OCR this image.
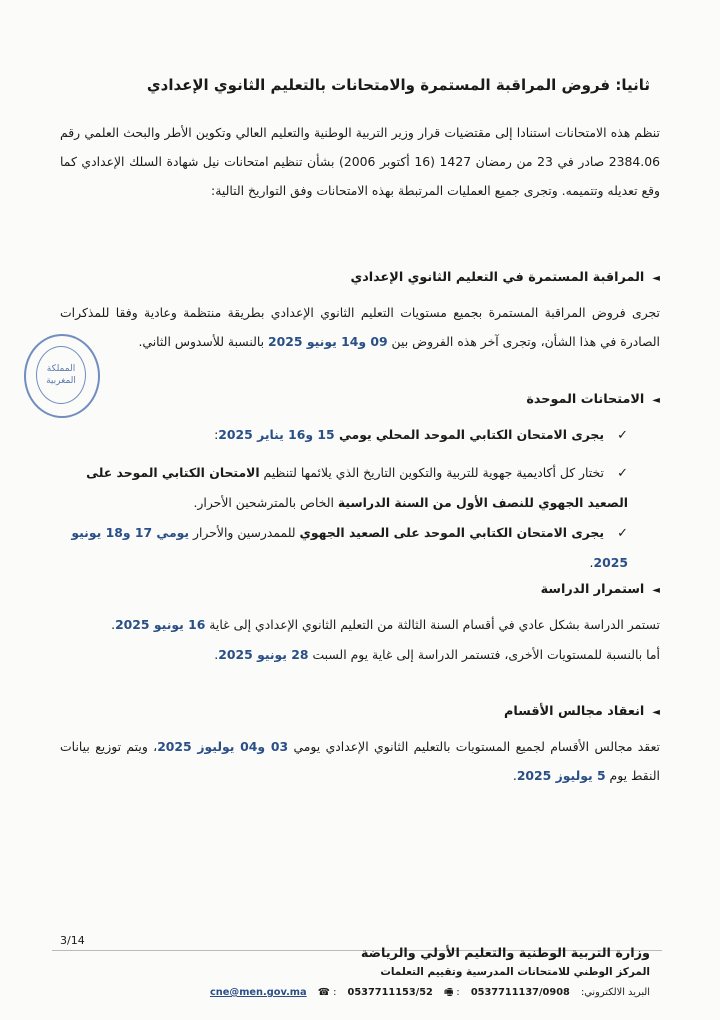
ثانيا: فروض المراقبة المستمرة والامتحانات بالتعليم الثانوي الإعدادي
تنظم هذه الامتحانات استنادا إلى مقتضيات قرار وزير التربية الوطنية والتعليم العالي وتكوين الأطر والبحث العلمي رقم 2384.06 صادر في 23 من رمضان 1427 (16 أكتوبر 2006) بشأن تنظيم امتحانات نيل شهادة السلك الإعدادي كما وقع تعديله وتتميمه. وتجرى جميع العمليات المرتبطة بهذه الامتحانات وفق التواريخ التالية:
◄المراقبة المستمرة في التعليم الثانوي الإعدادي
تجرى فروض المراقبة المستمرة بجميع مستويات التعليم الثانوي الإعدادي بطريقة منتظمة وعادية وفقا للمذكرات الصادرة في هذا الشأن، وتجرى آخر هذه الفروض بين 09 و14 يونيو 2025 بالنسبة للأسدوس الثاني.
◄الامتحانات الموحدة
✓يجرى الامتحان الكتابي الموحد المحلي يومي 15 و16 يناير 2025:
✓تختار كل أكاديمية جهوية للتربية والتكوين التاريخ الذي يلائمها لتنظيم الامتحان الكتابي الموحد على الصعيد الجهوي للنصف الأول من السنة الدراسية الخاص بالمترشحين الأحرار.
✓يجرى الامتحان الكتابي الموحد على الصعيد الجهوي للممدرسين والأحرار يومي 17 و18 يونيو 2025.
◄استمرار الدراسة
تستمر الدراسة بشكل عادي في أقسام السنة الثالثة من التعليم الثانوي الإعدادي إلى غاية 16 يونيو 2025.
أما بالنسبة للمستويات الأخرى، فتستمر الدراسة إلى غاية يوم السبت 28 يونيو 2025.
◄انعقاد مجالس الأقسام
تعقد مجالس الأقسام لجميع المستويات بالتعليم الثانوي الإعدادي يومي 03 و04 يوليوز 2025، ويتم توزيع بيانات النقط يوم 5 يوليوز 2025.
المملكة المغربية
3/14
وزارة التربية الوطنية والتعليم الأولي والرياضة
المركز الوطني للامتحانات المدرسية وتقييم التعلمات
البريد الالكتروني: cne@men.gov.ma ☎ : 0537711153/52 🖷 : 0537711137/0908
